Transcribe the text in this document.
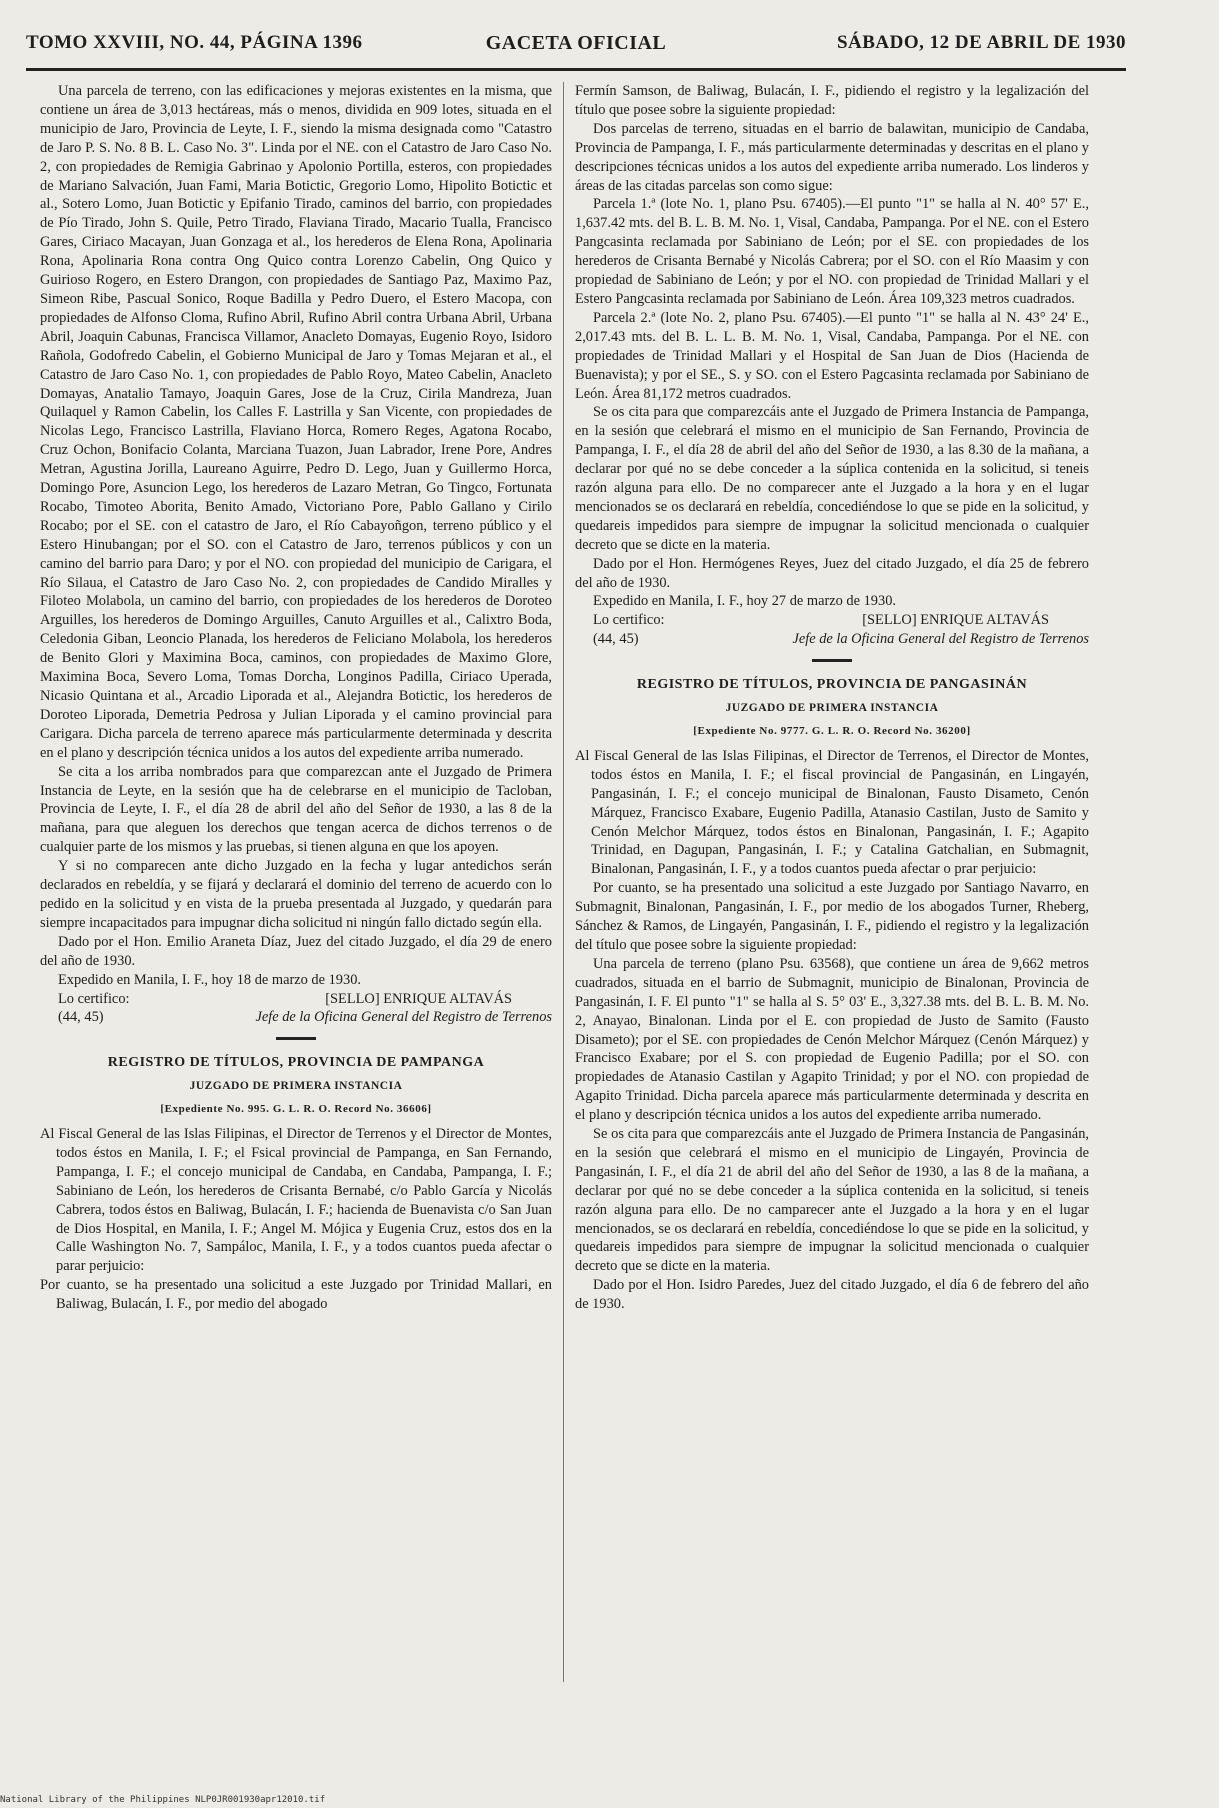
TOMO XXVIII, NO. 44, PÁGINA 1396	GACETA OFICIAL	SÁBADO, 12 DE ABRIL DE 1930

Una parcela de terreno, con las edificaciones y mejoras existentes en la misma, que contiene un área de 3,013 hectáreas, más o menos, dividida en 909 lotes, situada en el municipio de Jaro, Provincia de Leyte, I. F., siendo la misma designada como "Catastro de Jaro P. S. No. 8 B. L. Caso No. 3". Linda por el NE. con el Catastro de Jaro Caso No. 2, con propiedades de Remigia Gabrinao y Apolonio Portilla, esteros, con propiedades de Mariano Salvación, Juan Fami, Maria Botictic, Gregorio Lomo, Hipolito Botictic et al., Sotero Lomo, Juan Botictic y Epifanio Tirado, caminos del barrio, con propiedades de Pío Tirado, John S. Quile, Petro Tirado, Flaviana Tirado, Macario Tualla, Francisco Gares, Ciriaco Macayan, Juan Gonzaga et al., los herederos de Elena Rona, Apolinaria Rona, Apolinaria Rona contra Ong Quico contra Lorenzo Cabelin, Ong Quico y Guirioso Rogero, en Estero Drangon, con propiedades de Santiago Paz, Maximo Paz, Simeon Ribe, Pascual Sonico, Roque Badilla y Pedro Duero, el Estero Macopa, con propiedades de Alfonso Cloma, Rufino Abril, Rufino Abril contra Urbana Abril, Urbana Abril, Joaquin Cabunas, Francisca Villamor, Anacleto Domayas, Eugenio Royo, Isidoro Rañola, Godofredo Cabelin, el Gobierno Municipal de Jaro y Tomas Mejaran et al., el Catastro de Jaro Caso No. 1, con propiedades de Pablo Royo, Mateo Cabelin, Anacleto Domayas, Anatalio Tamayo, Joaquin Gares, Jose de la Cruz, Cirila Mandreza, Juan Quilaquel y Ramon Cabelin, los Calles F. Lastrilla y San Vicente, con propiedades de Nicolas Lego, Francisco Lastrilla, Flaviano Horca, Romero Reges, Agatona Rocabo, Cruz Ochon, Bonifacio Colanta, Marciana Tuazon, Juan Labrador, Irene Pore, Andres Metran, Agustina Jorilla, Laureano Aguirre, Pedro D. Lego, Juan y Guillermo Horca, Domingo Pore, Asuncion Lego, los herederos de Lazaro Metran, Go Tingco, Fortunata Rocabo, Timoteo Aborita, Benito Amado, Victoriano Pore, Pablo Gallano y Cirilo Rocabo; por el SE. con el catastro de Jaro, el Río Cabayoñgon, terreno público y el Estero Hinubangan; por el SO. con el Catastro de Jaro, terrenos públicos y con un camino del barrio para Daro; y por el NO. con propiedad del municipio de Carigara, el Río Silaua, el Catastro de Jaro Caso No. 2, con propiedades de Candido Miralles y Filoteo Molabola, un camino del barrio, con propiedades de los herederos de Doroteo Arguilles, los herederos de Domingo Arguilles, Canuto Arguilles et al., Calixtro Boda, Celedonia Giban, Leoncio Planada, los herederos de Feliciano Molabola, los herederos de Benito Glori y Maximina Boca, caminos, con propiedades de Maximo Glore, Maximina Boca, Severo Loma, Tomas Dorcha, Longinos Padilla, Ciriaco Uperada, Nicasio Quintana et al., Arcadio Liporada et al., Alejandra Botictic, los herederos de Doroteo Liporada, Demetria Pedrosa y Julian Liporada y el camino provincial para Carigara. Dicha parcela de terreno aparece más particularmente determinada y descrita en el plano y descripción técnica unidos a los autos del expediente arriba numerado.

Se cita a los arriba nombrados para que comparezcan ante el Juzgado de Primera Instancia de Leyte, en la sesión que ha de celebrarse en el municipio de Tacloban, Provincia de Leyte, I. F., el día 28 de abril del año del Señor de 1930, a las 8 de la mañana, para que aleguen los derechos que tengan acerca de dichos terrenos o de cualquier parte de los mismos y las pruebas, si tienen alguna en que los apoyen.

Y si no comparecen ante dicho Juzgado en la fecha y lugar antedichos serán declarados en rebeldía, y se fijará y declarará el dominio del terreno de acuerdo con lo pedido en la solicitud y en vista de la prueba presentada al Juzgado, y quedarán para siempre incapacitados para impugnar dicha solicitud ni ningún fallo dictado según ella.

Dado por el Hon. Emilio Araneta Díaz, Juez del citado Juzgado, el día 29 de enero del año de 1930.

Expedido en Manila, I. F., hoy 18 de marzo de 1930.

Lo certifico:	[SELLO] ENRIQUE ALTAVÁS
(44, 45)	Jefe de la Oficina General del Registro de Terrenos
REGISTRO DE TÍTULOS, PROVINCIA DE PAMPANGA
JUZGADO DE PRIMERA INSTANCIA
[Expediente No. 995. G. L. R. O. Record No. 36606]

Al Fiscal General de las Islas Filipinas, el Director de Terrenos y el Director de Montes, todos éstos en Manila, I. F.; el Fsical provincial de Pampanga, en San Fernando, Pampanga, I. F.; el concejo municipal de Candaba, en Candaba, Pampanga, I. F.; Sabiniano de León, los herederos de Crisanta Bernabé, c/o Pablo García y Nicolás Cabrera, todos éstos en Baliwag, Bulacán, I. F.; hacienda de Buenavista c/o San Juan de Dios Hospital, en Manila, I. F.; Angel M. Mójica y Eugenia Cruz, estos dos en la Calle Washington No. 7, Sampáloc, Manila, I. F., y a todos cuantos pueda afectar o parar perjuicio:

Por cuanto, se ha presentado una solicitud a este Juzgado por Trinidad Mallari, en Baliwag, Bulacán, I. F., por medio del abogado

Fermín Samson, de Baliwag, Bulacán, I. F., pidiendo el registro y la legalización del título que posee sobre la siguiente propiedad:

Dos parcelas de terreno, situadas en el barrio de balawitan, municipio de Candaba, Provincia de Pampanga, I. F., más particularmente determinadas y descritas en el plano y descripciones técnicas unidos a los autos del expediente arriba numerado. Los linderos y áreas de las citadas parcelas son como sigue:

Parcela 1.ª (lote No. 1, plano Psu. 67405).—El punto "1" se halla al N. 40° 57' E., 1,637.42 mts. del B. L. B. M. No. 1, Visal, Candaba, Pampanga. Por el NE. con el Estero Pangcasinta reclamada por Sabiniano de León; por el SE. con propiedades de los herederos de Crisanta Bernabé y Nicolás Cabrera; por el SO. con el Río Maasim y con propiedad de Sabiniano de León; y por el NO. con propiedad de Trinidad Mallari y el Estero Pangcasinta reclamada por Sabiniano de León. Área 109,323 metros cuadrados.

Parcela 2.ª (lote No. 2, plano Psu. 67405).—El punto "1" se halla al N. 43° 24' E., 2,017.43 mts. del B. L. L. B. M. No. 1, Visal, Candaba, Pampanga. Por el NE. con propiedades de Trinidad Mallari y el Hospital de San Juan de Dios (Hacienda de Buenavista); y por el SE., S. y SO. con el Estero Pagcasinta reclamada por Sabiniano de León. Área 81,172 metros cuadrados.

Se os cita para que comparezcáis ante el Juzgado de Primera Instancia de Pampanga, en la sesión que celebrará el mismo en el municipio de San Fernando, Provincia de Pampanga, I. F., el día 28 de abril del año del Señor de 1930, a las 8.30 de la mañana, a declarar por qué no se debe conceder a la súplica contenida en la solicitud, si teneis razón alguna para ello. De no comparecer ante el Juzgado a la hora y en el lugar mencionados se os declarará en rebeldía, concediéndose lo que se pide en la solicitud, y quedareis impedidos para siempre de impugnar la solicitud mencionada o cualquier decreto que se dicte en la materia.

Dado por el Hon. Hermógenes Reyes, Juez del citado Juzgado, el día 25 de febrero del año de 1930.

Expedido en Manila, I. F., hoy 27 de marzo de 1930.

Lo certifico:	[SELLO] ENRIQUE ALTAVÁS
(44, 45)	Jefe de la Oficina General del Registro de Terrenos
REGISTRO DE TÍTULOS, PROVINCIA DE PANGASINÁN
JUZGADO DE PRIMERA INSTANCIA
[Expediente No. 9777. G. L. R. O. Record No. 36200]

Al Fiscal General de las Islas Filipinas, el Director de Terrenos, el Director de Montes, todos éstos en Manila, I. F.; el fiscal provincial de Pangasinán, en Lingayén, Pangasinán, I. F.; el concejo municipal de Binalonan, Fausto Disameto, Cenón Márquez, Francisco Exabare, Eugenio Padilla, Atanasio Castilan, Justo de Samito y Cenón Melchor Márquez, todos éstos en Binalonan, Pangasinán, I. F.; Agapito Trinidad, en Dagupan, Pangasinán, I. F.; y Catalina Gatchalian, en Submagnit, Binalonan, Pangasinán, I. F., y a todos cuantos pueda afectar o prar perjuicio:

Por cuanto, se ha presentado una solicitud a este Juzgado por Santiago Navarro, en Submagnit, Binalonan, Pangasinán, I. F., por medio de los abogados Turner, Rheberg, Sánchez & Ramos, de Lingayén, Pangasinán, I. F., pidiendo el registro y la legalización del título que posee sobre la siguiente propiedad:

Una parcela de terreno (plano Psu. 63568), que contiene un área de 9,662 metros cuadrados, situada en el barrio de Submagnit, municipio de Binalonan, Provincia de Pangasinán, I. F. El punto "1" se halla al S. 5° 03' E., 3,327.38 mts. del B. L. B. M. No. 2, Anayao, Binalonan. Linda por el E. con propiedad de Justo de Samito (Fausto Disameto); por el SE. con propiedades de Cenón Melchor Márquez (Cenón Márquez) y Francisco Exabare; por el S. con propiedad de Eugenio Padilla; por el SO. con propiedades de Atanasio Castilan y Agapito Trinidad; y por el NO. con propiedad de Agapito Trinidad. Dicha parcela aparece más particularmente determinada y descrita en el plano y descripción técnica unidos a los autos del expediente arriba numerado.

Se os cita para que comparezcáis ante el Juzgado de Primera Instancia de Pangasinán, en la sesión que celebrará el mismo en el municipio de Lingayén, Provincia de Pangasinán, I. F., el día 21 de abril del año del Señor de 1930, a las 8 de la mañana, a declarar por qué no se debe conceder a la súplica contenida en la solicitud, si teneis razón alguna para ello. De no camparecer ante el Juzgado a la hora y en el lugar mencionados, se os declarará en rebeldía, concediéndose lo que se pide en la solicitud, y quedareis impedidos para siempre de impugnar la solicitud mencionada o cualquier decreto que se dicte en la materia.

Dado por el Hon. Isidro Paredes, Juez del citado Juzgado, el día 6 de febrero del año de 1930.

National Library of the Philippines NLP0JR001930apr12010.tif
